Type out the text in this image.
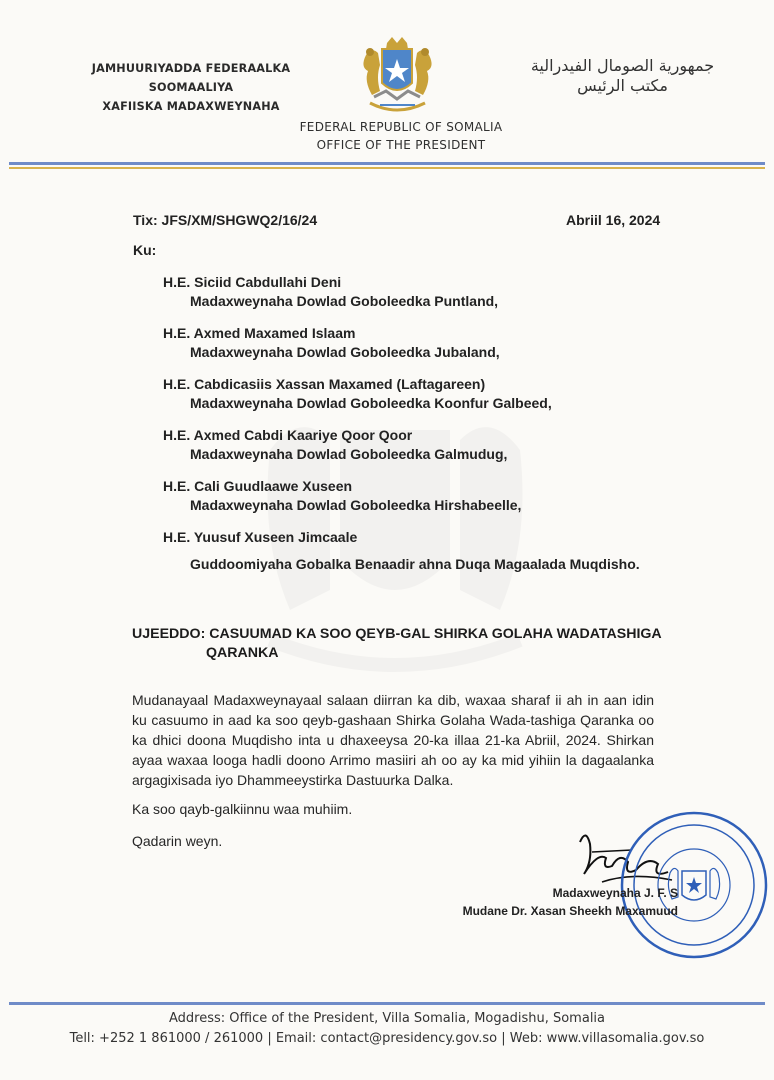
JAMHUURIYADDA FEDERAALKA SOOMAALIYA
XAFIISKA MADAXWEYNAHA
جمهورية الصومال الفيدرالية
مكتب الرئيس
FEDERAL REPUBLIC OF SOMALIA
OFFICE OF THE PRESIDENT
Tix: JFS/XM/SHGWQ2/16/24	Abriil 16, 2024
Ku:
H.E. Siciid Cabdullahi Deni
Madaxweynaha Dowlad Goboleedka Puntland,
H.E. Axmed Maxamed Islaam
Madaxweynaha Dowlad Goboleedka Jubaland,
H.E. Cabdicasiis Xassan Maxamed (Laftagareen)
Madaxweynaha Dowlad Goboleedka Koonfur Galbeed,
H.E. Axmed Cabdi Kaariye Qoor Qoor
Madaxweynaha Dowlad Goboleedka Galmudug,
H.E. Cali Guudlaawe Xuseen
Madaxweynaha Dowlad Goboleedka Hirshabeelle,
H.E. Yuusuf Xuseen Jimcaale
Guddoomiyaha Gobalka Benaadir ahna Duqa Magaalada Muqdisho.
UJEEDDO: CASUUMAD KA SOO QEYB-GAL SHIRKA GOLAHA WADATASHIGA
QARANKA
Mudanayaal Madaxweynayaal salaan diirran ka dib, waxaa sharaf ii ah in aan idin ku casuumo in aad ka soo qeyb-gashaan Shirka Golaha Wada-tashiga Qaranka oo ka dhici doona Muqdisho inta u dhaxeeysa 20-ka illaa 21-ka Abriil, 2024. Shirkan ayaa waxaa looga hadli doono Arrimo masiiri ah oo ay ka mid yihiin la dagaalanka argagixisada iyo Dhammeeystirka Dastuurka Dalka.
Ka soo qayb-galkiinnu waa muhiim.
Qadarin weyn.
Madaxweynaha J. F. S
Mudane Dr. Xasan Sheekh Maxamuud
Address: Office of the President, Villa Somalia, Mogadishu, Somalia
Tell: +252 1 861000 / 261000 | Email: contact@presidency.gov.so | Web: www.villasomalia.gov.so
